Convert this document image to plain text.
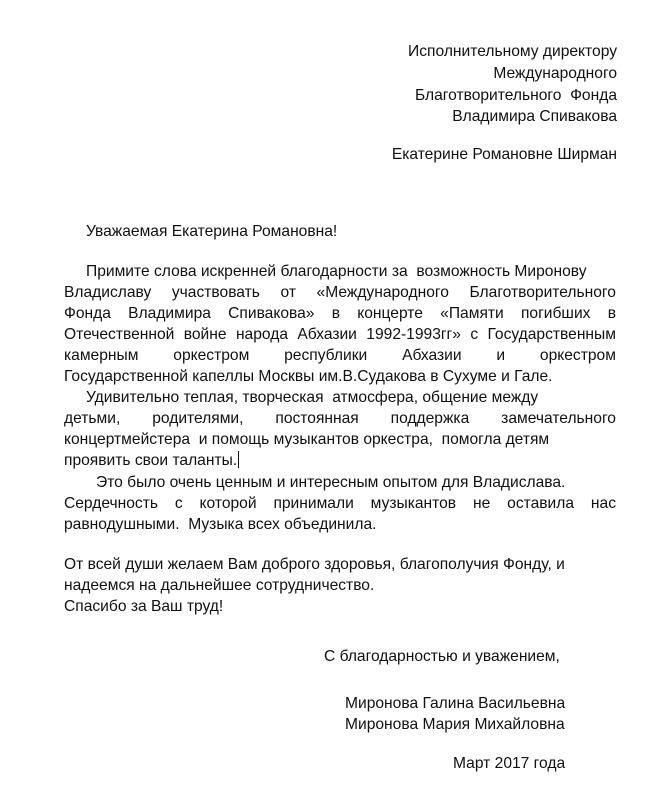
Исполнительному директору

Международного

Благотворительного  Фонда

Владимира Спивакова

Екатерине Романовне Ширман

Уважаемая Екатерина Романовна!

Примите слова искренней благодарности за  возможность Миронову

Владиславу участвовать от «Международного Благотворительного
Фонда Владимира Спивакова» в концерте «Памяти погибших в
Отечественной войне народа Абхазии 1992-1993гг» с Государственным
камерным оркестром республики Абхазии и оркестром

Государственной капеллы Москвы им.В.Судакова в Сухуме и Гале.

Удивительно теплая, творческая  атмосфера, общение между

детьми, родителями, постоянная поддержка замечательного

концертмейстера  и помощь музыкантов оркестра,  помогла детям

проявить свои таланты.

Это было очень ценным и интересным опытом для Владислава.

Сердечность с которой принимали музыкантов не оставила нас

равнодушными.  Музыка всех объединила.

От всей души желаем Вам доброго здоровья, благополучия Фонду, и

надеемся на дальнейшее сотрудничество.

Спасибо за Ваш труд!

С благодарностью и уважением,

Миронова Галина Васильевна

Миронова Мария Михайловна

Март 2017 года
